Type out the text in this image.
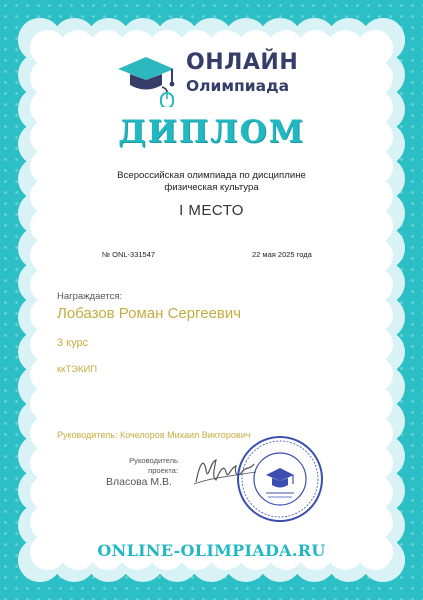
ОНЛАЙН
Олимпиада
ДИПЛОМ
Всероссийская олимпиада по дисциплине
физическая культура
I МЕСТО
№ ONL-331547	22 мая 2025 года
Награждается:
Лобазов Роман Сергеевич
3 курс
ккТЭКИП
Руководитель: Кочелоров Михаил Викторович
Руководитель
проекта:
Власова М.В.
ONLINE-OLIMPIADA.RU
